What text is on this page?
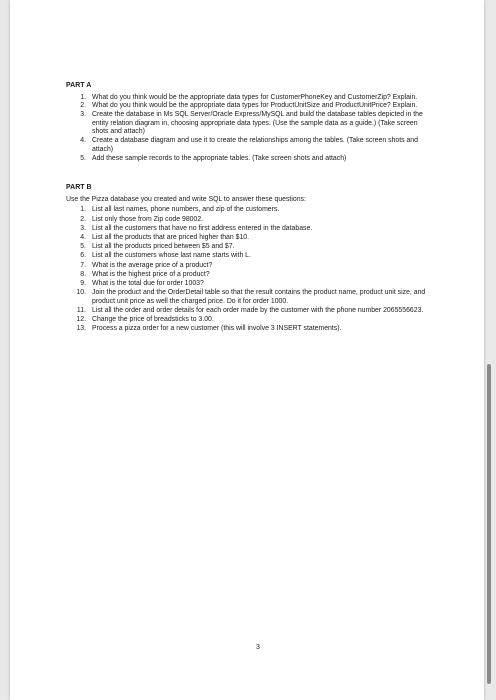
PART A
1. What do you think would be the appropriate data types for CustomerPhoneKey and CustomerZip? Explain.
2. What do you think would be the appropriate data types for ProductUnitSize and ProductUnitPrice? Explain.
3. Create the database in Ms SQL Server/Oracle Express/MySQL and build the database tables depicted in the entity relation diagram in, choosing appropriate data types. (Use the sample data as a guide.) (Take screen shots and attach)
4. Create a database diagram and use it to create the relationships among the tables. (Take screen shots and attach)
5. Add these sample records to the appropriate tables. (Take screen shots and attach)
PART B
Use the Pizza database you created and write SQL to answer these questions:
1. List all last names, phone numbers, and zip of the customers.
2. List only those from Zip code 98002.
3. List all the customers that have no first address entered in the database.
4. List all the products that are priced higher than $10.
5. List all the products priced between $5 and $7.
6. List all the customers whose last name starts with L.
7. What is the average price of a product?
8. What is the highest price of a product?
9. What is the total due for order 1003?
10. Join the product and the OrderDetail table so that the result contains the product name, product unit size, and product unit price as well the charged price. Do it for order 1000.
11. List all the order and order details for each order made by the customer with the phone number 2065556623.
12. Change the price of breadsticks to 3.00.
13. Process a pizza order for a new customer (this will involve 3 INSERT statements).
3
